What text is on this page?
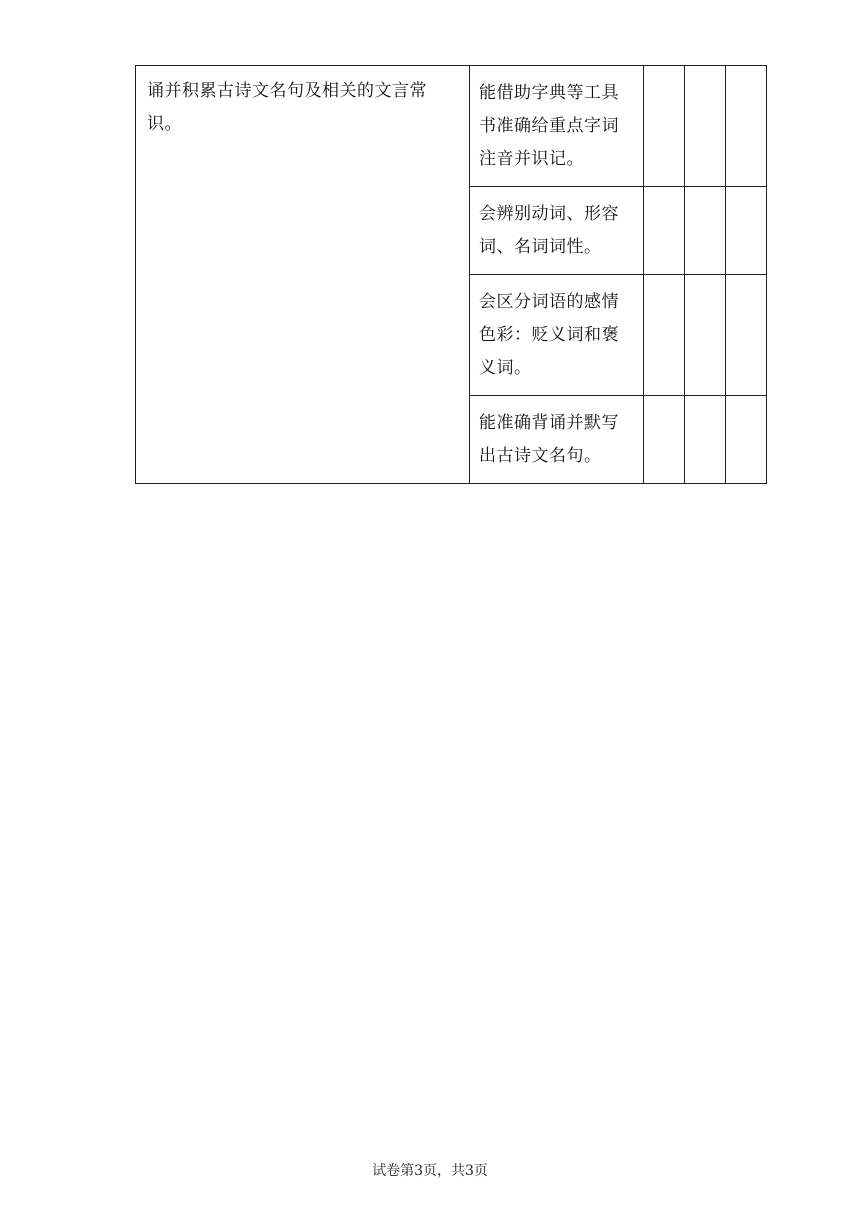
诵并积累古诗文名句及相关的文言常识。	能借助字典等工具书准确给重点字词注音并识记。			
	会辨别动词、形容词、名词词性。			
	会区分词语的感情色彩：贬义词和褒义词。			
	能准确背诵并默写出古诗文名句。			
试卷第3页，共3页
